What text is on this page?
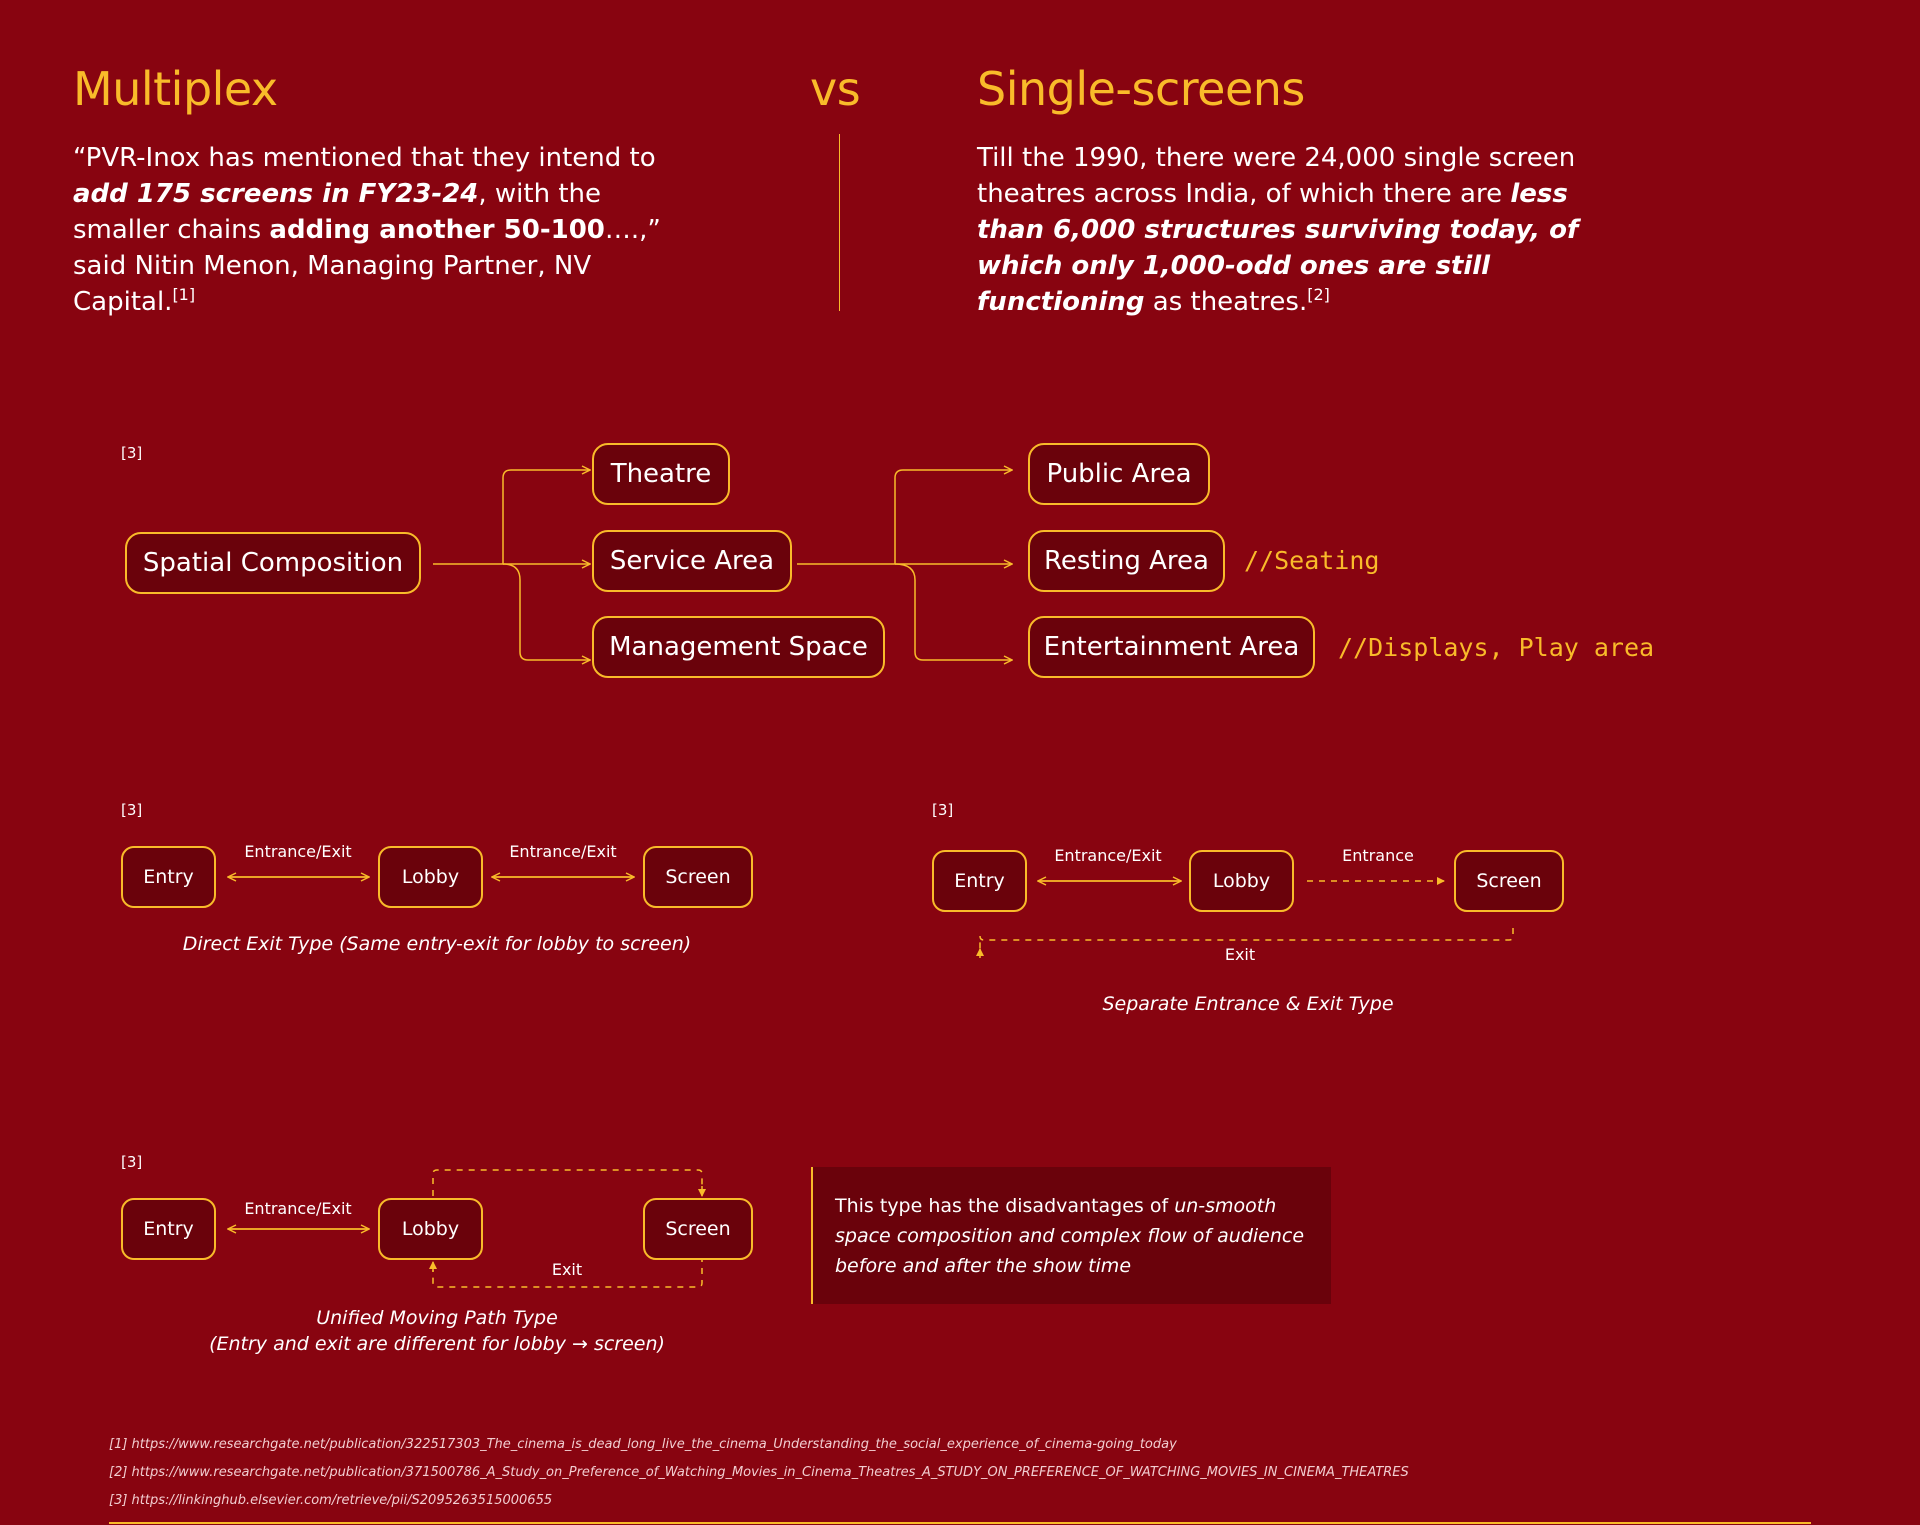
Multiplex	vs	Single-screens
“PVR-Inox has mentioned that they intend to add 175 screens in FY23-24, with the smaller chains adding another 50-100….,” said Nitin Menon, Managing Partner, NV Capital.[1]
Till the 1990, there were 24,000 single screen theatres across India, of which there are less than 6,000 structures surviving today, of which only 1,000-odd ones are still functioning as theatres.[2]
[3]
Spatial Composition
Theatre
Service Area
Management Space
Public Area
Resting Area
Entertainment Area
//Seating
//Displays, Play area
[3]
Entry	Lobby	Screen
Entrance/Exit	Entrance/Exit
Direct Exit Type (Same entry-exit for lobby to screen)
[3]
Entry	Lobby	Screen
Entrance/Exit	Entrance
Exit
Separate Entrance & Exit Type
[3]
Entry	Lobby	Screen
Entrance/Exit
Exit
Unified Moving Path Type
(Entry and exit are different for lobby → screen)
This type has the disadvantages of un-smooth space composition and complex flow of audience before and after the show time
[1] https://www.researchgate.net/publication/322517303_The_cinema_is_dead_long_live_the_cinema_Understanding_the_social_experience_of_cinema-going_today
[2] https://www.researchgate.net/publication/371500786_A_Study_on_Preference_of_Watching_Movies_in_Cinema_Theatres_A_STUDY_ON_PREFERENCE_OF_WATCHING_MOVIES_IN_CINEMA_THEATRES
[3] https://linkinghub.elsevier.com/retrieve/pii/S2095263515000655
